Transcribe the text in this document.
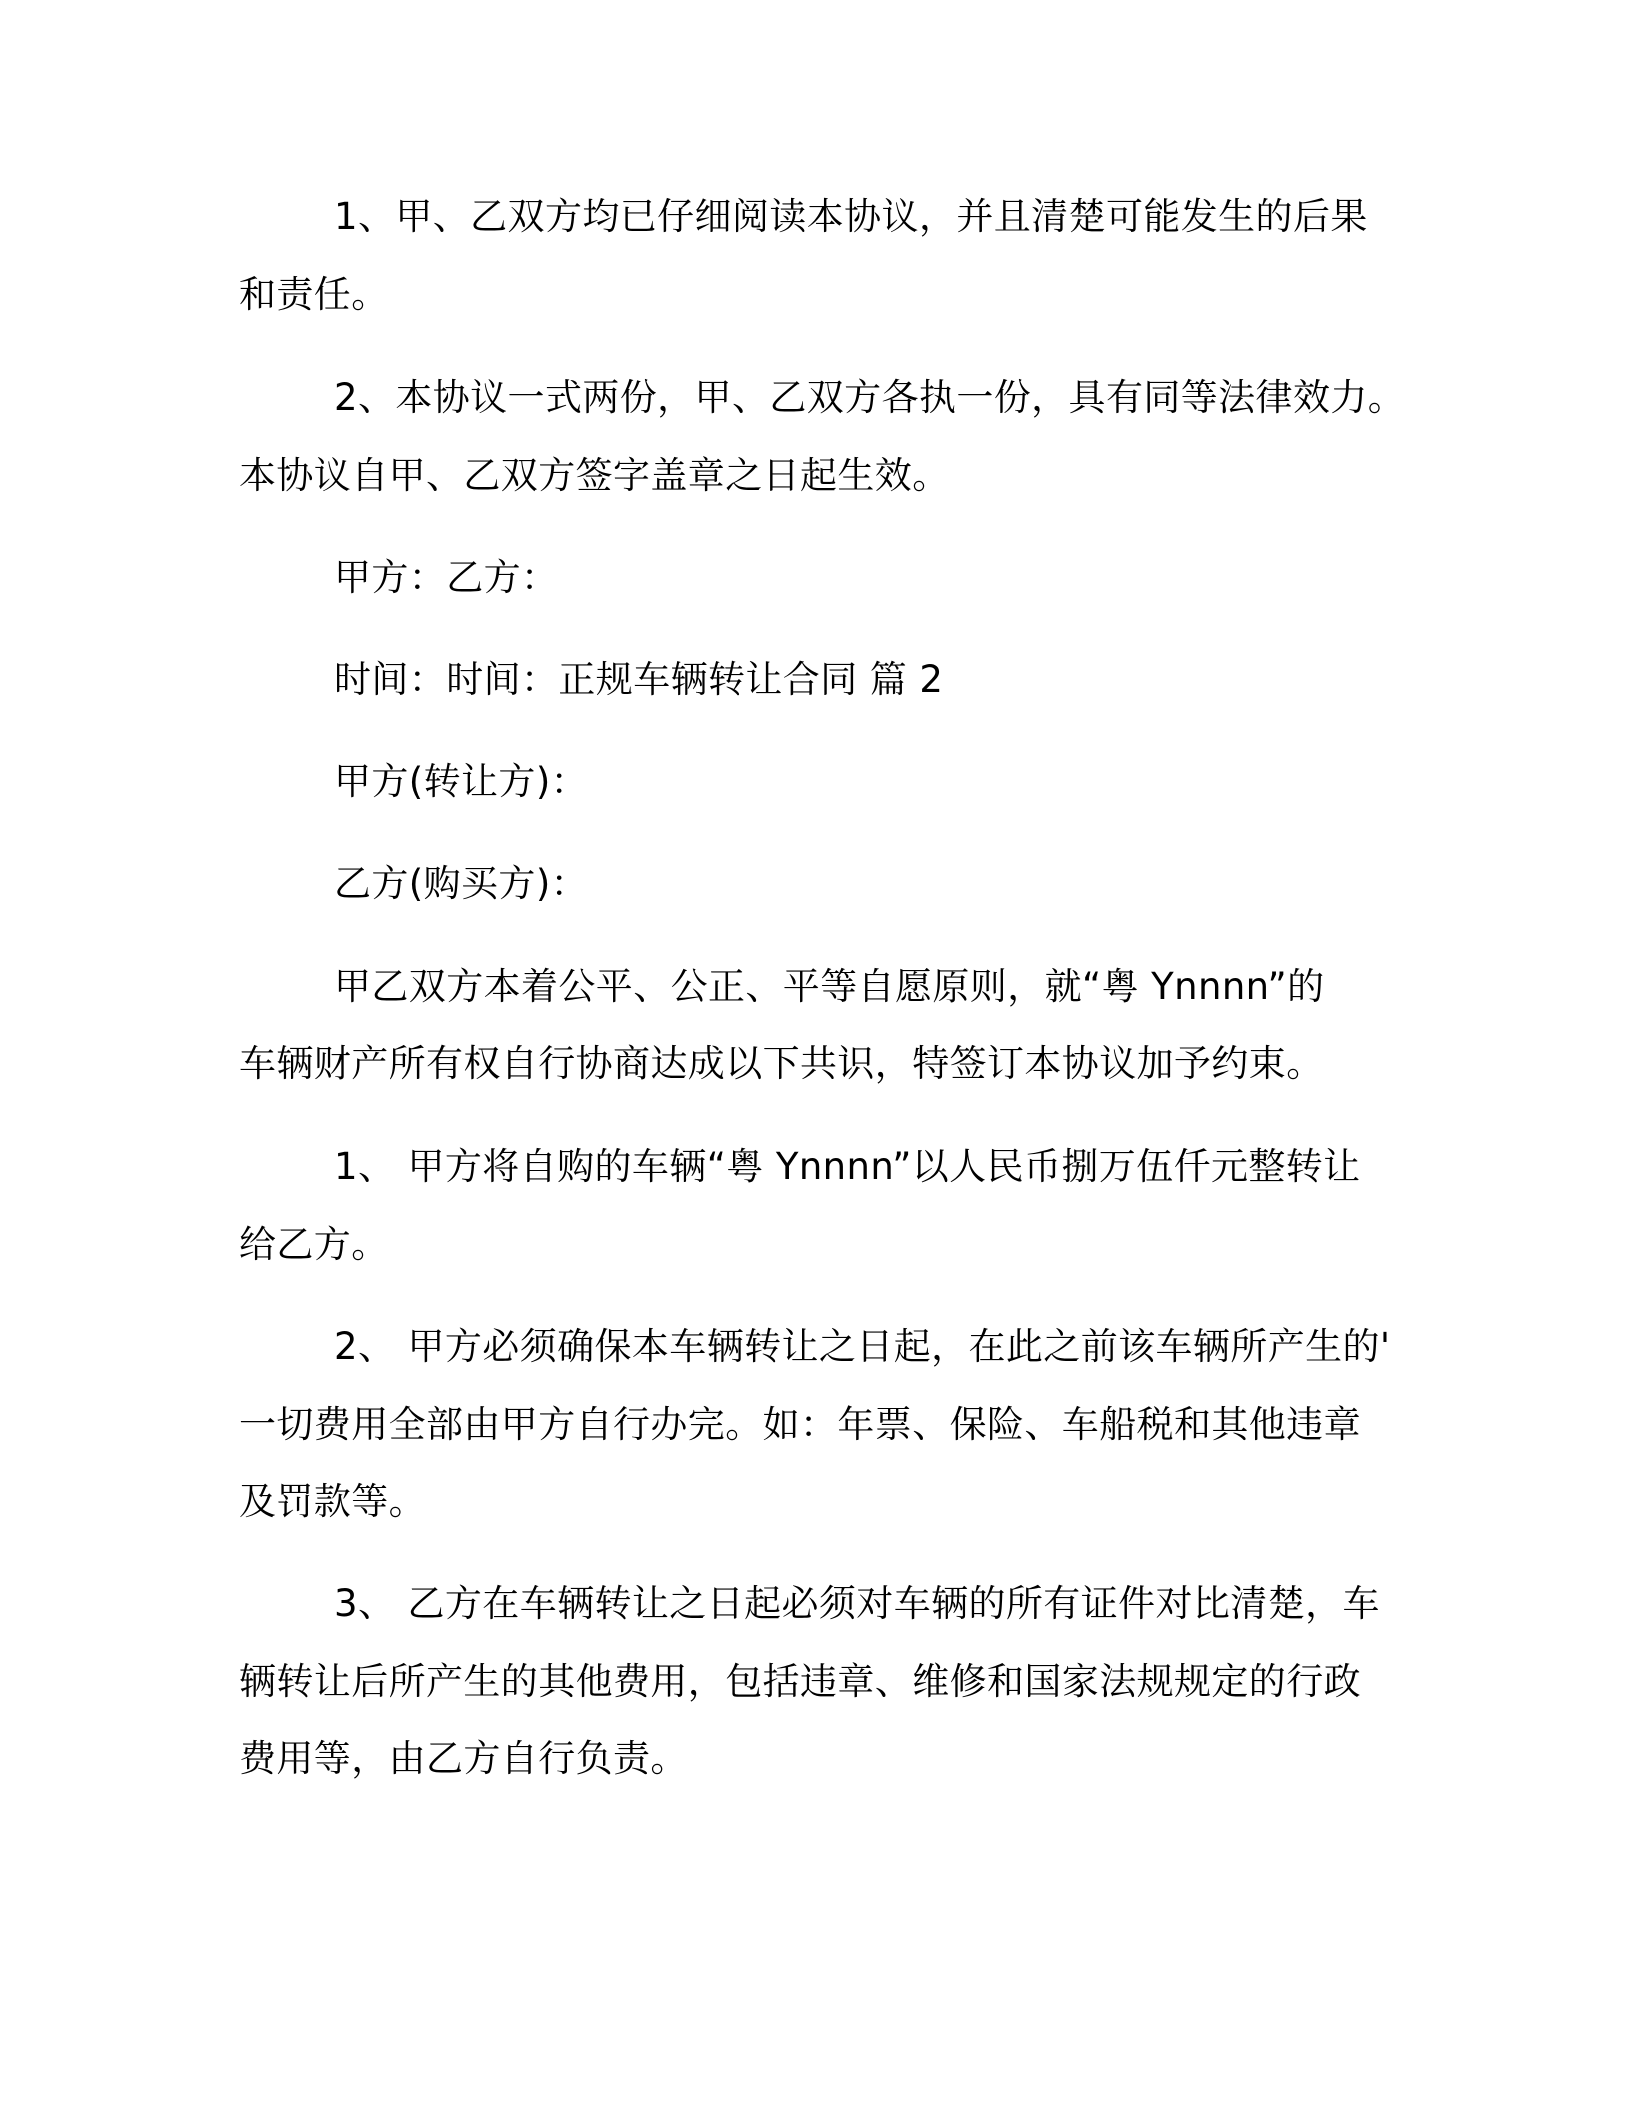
1、甲、乙双方均已仔细阅读本协议，并且清楚可能发生的后果

和责任。

2、本协议一式两份，甲、乙双方各执一份，具有同等法律效力。

本协议自甲、乙双方签字盖章之日起生效。

甲方：乙方：

时间：时间：正规车辆转让合同 篇 2

甲方(转让方)：

乙方(购买方)：

甲乙双方本着公平、公正、平等自愿原则，就“粤 Ynnnn”的

车辆财产所有权自行协商达成以下共识，特签订本协议加予约束。

1、 甲方将自购的车辆“粤 Ynnnn”以人民币捌万伍仟元整转让

给乙方。

2、 甲方必须确保本车辆转让之日起，在此之前该车辆所产生的'

一切费用全部由甲方自行办完。如：年票、保险、车船税和其他违章

及罚款等。

3、 乙方在车辆转让之日起必须对车辆的所有证件对比清楚，车

辆转让后所产生的其他费用，包括违章、维修和国家法规规定的行政

费用等，由乙方自行负责。
